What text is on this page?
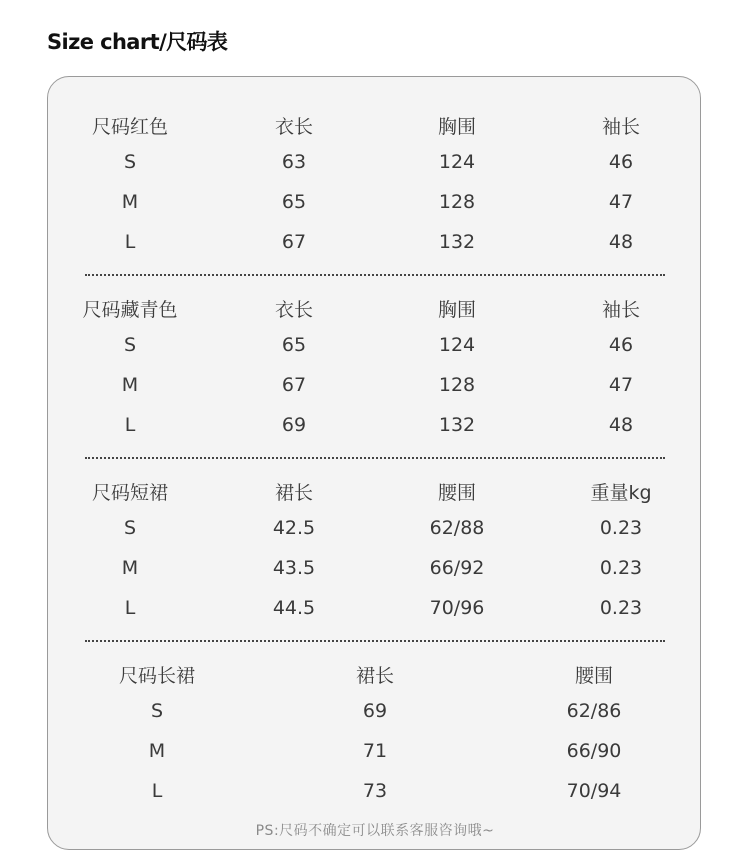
Size chart/尺码表
尺码红色	衣长	胸围	袖长
S	63	124	46
M	65	128	47
L	67	132	48
尺码藏青色	衣长	胸围	袖长
S	65	124	46
M	67	128	47
L	69	132	48
尺码短裙	裙长	腰围	重量kg
S	42.5	62/88	0.23
M	43.5	66/92	0.23
L	44.5	70/96	0.23
尺码长裙	裙长	腰围
S	69	62/86
M	71	66/90
L	73	70/94
PS:尺码不确定可以联系客服咨询哦~
